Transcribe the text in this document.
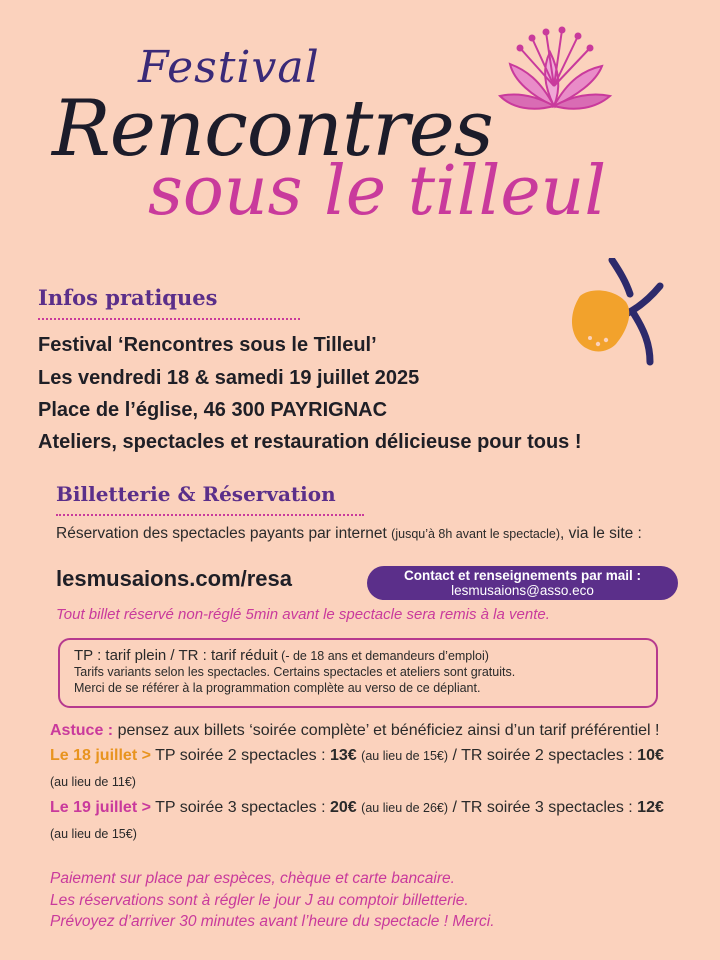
Festival
Rencontres
sous le tilleul
Infos pratiques
Festival ‘Rencontres sous le Tilleul’
Les vendredi 18 & samedi 19 juillet 2025
Place de l’église, 46 300 PAYRIGNAC
Ateliers, spectacles et restauration délicieuse pour tous !
Billetterie & Réservation
Réservation des spectacles payants par internet (jusqu’à 8h avant le spectacle), via le site :
lesmusaions.com/resa	Contact et renseignements par mail :
lesmusaions@asso.eco
Tout billet réservé non-réglé 5min avant le spectacle sera remis à la vente.
TP : tarif plein / TR : tarif réduit (- de 18 ans et demandeurs d’emploi)
Tarifs variants selon les spectacles. Certains spectacles et ateliers sont gratuits.
Merci de se référer à la programmation complète au verso de ce dépliant.
Astuce : pensez aux billets ‘soirée complète’ et bénéficiez ainsi d’un tarif préférentiel !
Le 18 juillet > TP soirée 2 spectacles : 13€ (au lieu de 15€) / TR soirée 2 spectacles : 10€ (au lieu de 11€)
Le 19 juillet > TP soirée 3 spectacles : 20€ (au lieu de 26€) / TR soirée 3 spectacles : 12€ (au lieu de 15€)
Paiement sur place par espèces, chèque et carte bancaire.
Les réservations sont à régler le jour J au comptoir billetterie.
Prévoyez d’arriver 30 minutes avant l’heure du spectacle ! Merci.
